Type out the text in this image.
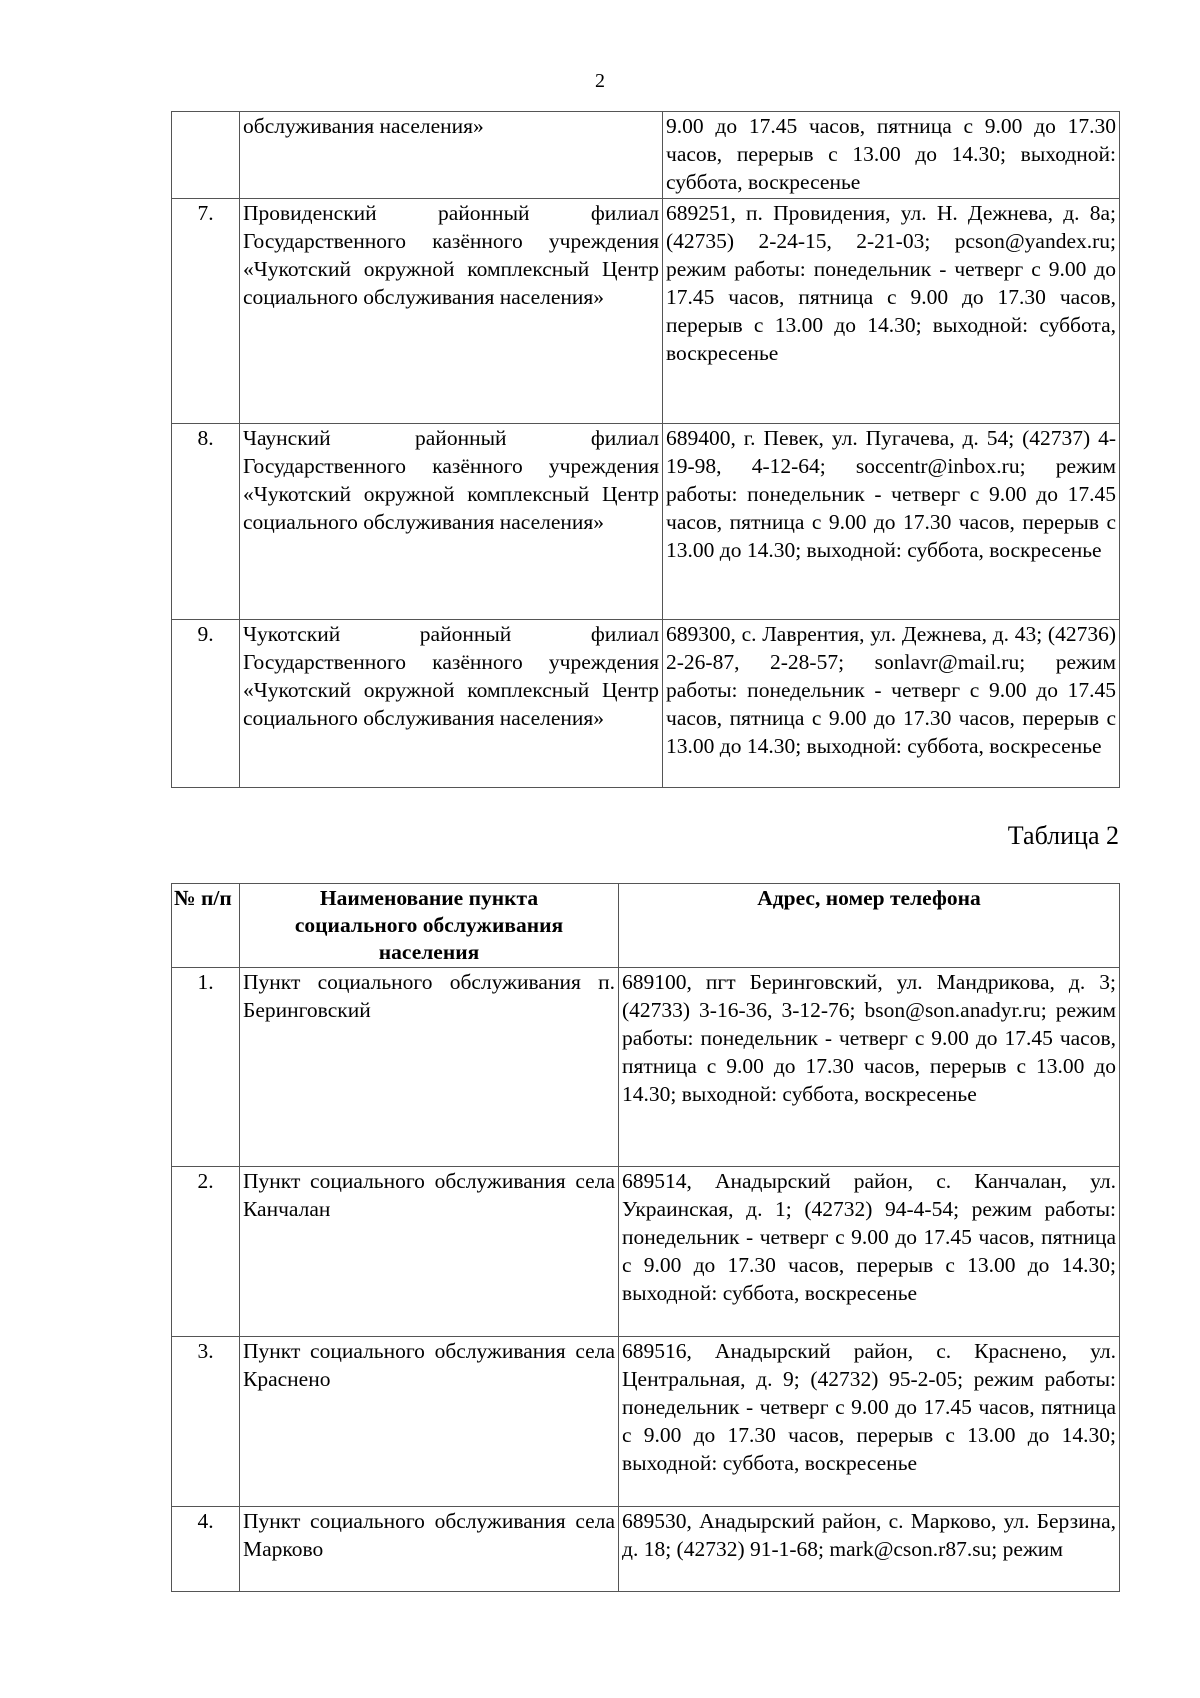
2
	обслуживания населения»	9.00 до 17.45 часов, пятница с 9.00 до 17.30 часов, перерыв с 13.00 до 14.30; выходной: суббота, воскресенье
7.	Провиденский районный филиал Государственного казённого учреждения «Чукотский окружной комплексный Центр социального обслуживания населения»	689251, п. Провидения, ул. Н. Дежнева, д. 8а; (42735) 2-24-15, 2-21-03; pcson@yandex.ru; режим работы: понедельник - четверг с 9.00 до 17.45 часов, пятница с 9.00 до 17.30 часов, перерыв с 13.00 до 14.30; выходной: суббота, воскресенье
8.	Чаунский районный филиал Государственного казённого учреждения «Чукотский окружной комплексный Центр социального обслуживания населения»	689400, г. Певек, ул. Пугачева, д. 54; (42737) 4-19-98, 4-12-64; soccentr@inbox.ru; режим работы: понедельник - четверг с 9.00 до 17.45 часов, пятница с 9.00 до 17.30 часов, перерыв с 13.00 до 14.30; выходной: суббота, воскресенье
9.	Чукотский районный филиал Государственного казённого учреждения «Чукотский окружной комплексный Центр социального обслуживания населения»	689300, с. Лаврентия, ул. Дежнева, д. 43; (42736) 2-26-87, 2-28-57; sonlavr@mail.ru; режим работы: понедельник - четверг с 9.00 до 17.45 часов, пятница с 9.00 до 17.30 часов, перерыв с 13.00 до 14.30; выходной: суббота, воскресенье
Таблица 2
№ п/п	Наименование пункта социального обслуживания населения	Адрес, номер телефона
1.	Пункт социального обслуживания п. Беринговский	689100, пгт Беринговский, ул. Мандрикова, д. 3; (42733) 3-16-36, 3-12-76; bson@son.anadyr.ru; режим работы: понедельник - четверг с 9.00 до 17.45 часов, пятница с 9.00 до 17.30 часов, перерыв с 13.00 до 14.30; выходной: суббота, воскресенье
2.	Пункт социального обслуживания села Канчалан	689514, Анадырский район, с. Канчалан, ул. Украинская, д. 1; (42732) 94-4-54; режим работы: понедельник - четверг с 9.00 до 17.45 часов, пятница с 9.00 до 17.30 часов, перерыв с 13.00 до 14.30; выходной: суббота, воскресенье
3.	Пункт социального обслуживания села Краснено	689516, Анадырский район, с. Краснено, ул. Центральная, д. 9; (42732) 95-2-05; режим работы: понедельник - четверг с 9.00 до 17.45 часов, пятница с 9.00 до 17.30 часов, перерыв с 13.00 до 14.30; выходной: суббота, воскресенье
4.	Пункт социального обслуживания села Марково	689530, Анадырский район, с. Марково, ул. Берзина, д. 18; (42732) 91-1-68; mark@cson.r87.su; режим
